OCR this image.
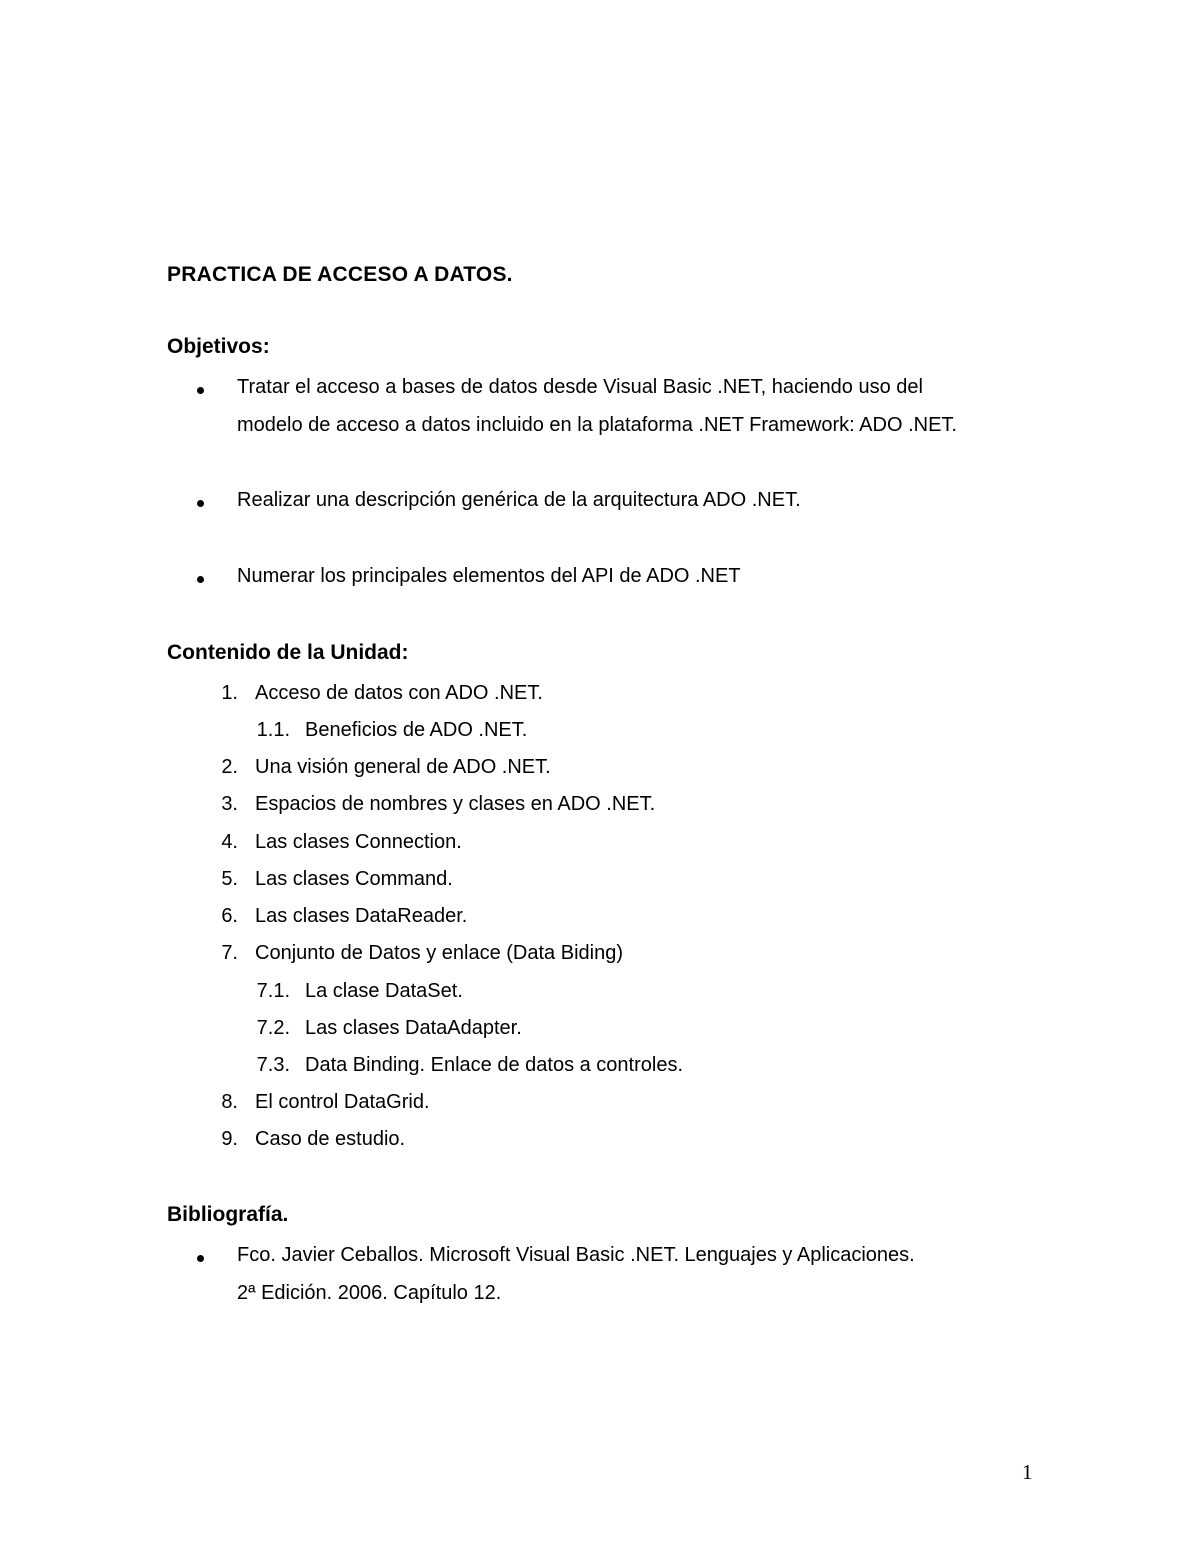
PRACTICA DE ACCESO A DATOS.
Objetivos:
Tratar el acceso a bases de datos desde Visual Basic .NET, haciendo uso del
modelo de acceso a datos incluido en la plataforma .NET Framework: ADO .NET.
Realizar una descripción genérica de la arquitectura ADO .NET.
Numerar los principales elementos del API de ADO .NET
Contenido de la Unidad:
1. Acceso de datos con ADO .NET.
1.1. Beneficios de ADO .NET.
2. Una visión general de ADO .NET.
3. Espacios de nombres y clases en ADO .NET.
4. Las clases Connection.
5. Las clases Command.
6. Las clases DataReader.
7. Conjunto de Datos y enlace (Data Biding)
7.1. La clase DataSet.
7.2. Las clases DataAdapter.
7.3. Data Binding. Enlace de datos a controles.
8. El control DataGrid.
9. Caso de estudio.
Bibliografía.
Fco. Javier Ceballos. Microsoft Visual Basic .NET. Lenguajes y Aplicaciones.
2ª Edición. 2006. Capítulo 12.
1
